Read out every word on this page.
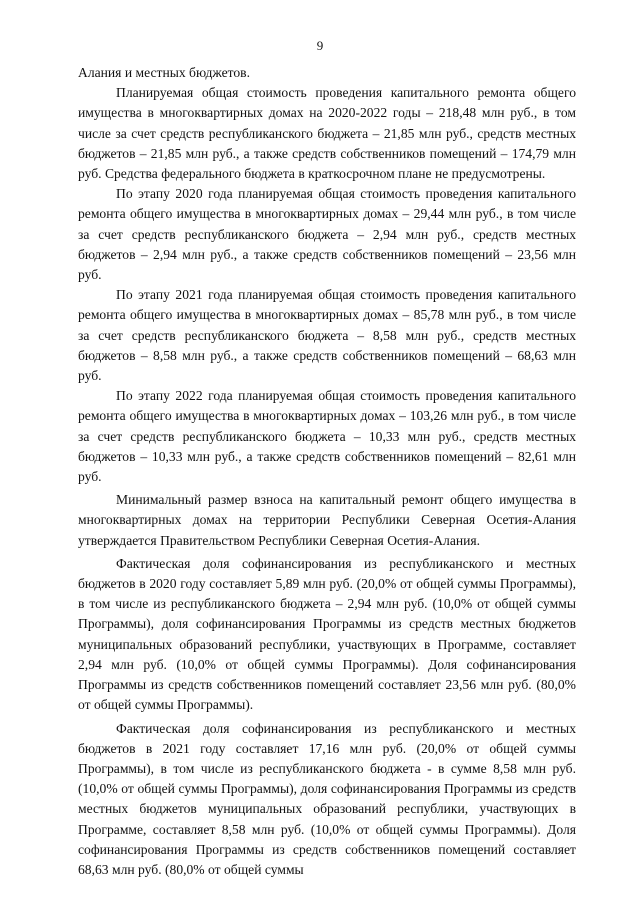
9

Алания и местных бюджетов.

Планируемая общая стоимость проведения капитального ремонта общего имущества в многоквартирных домах на 2020-2022 годы – 218,48 млн руб., в том числе за счет средств республиканского бюджета – 21,85 млн руб., средств местных бюджетов – 21,85 млн руб., а также средств собственников помещений – 174,79 млн руб. Средства федерального бюджета в краткосрочном плане не предусмотрены.

По этапу 2020 года планируемая общая стоимость проведения капитального ремонта общего имущества в многоквартирных домах – 29,44 млн руб., в том числе за счет средств республиканского бюджета – 2,94 млн руб., средств местных бюджетов – 2,94 млн руб., а также средств собственников помещений – 23,56 млн руб.

По этапу 2021 года планируемая общая стоимость проведения капитального ремонта общего имущества в многоквартирных домах – 85,78 млн руб., в том числе за счет средств республиканского бюджета – 8,58 млн руб., средств местных бюджетов – 8,58 млн руб., а также средств собственников помещений – 68,63 млн руб.

По этапу 2022 года планируемая общая стоимость проведения капитального ремонта общего имущества в многоквартирных домах – 103,26 млн руб., в том числе за счет средств республиканского бюджета – 10,33 млн руб., средств местных бюджетов – 10,33 млн руб., а также средств собственников помещений – 82,61 млн руб.

Минимальный размер взноса на капитальный ремонт общего имущества в многоквартирных домах на территории Республики Северная Осетия-Алания утверждается Правительством Республики Северная Осетия-Алания.

Фактическая доля софинансирования из республиканского и местных бюджетов в 2020 году составляет 5,89 млн руб. (20,0% от общей суммы Программы), в том числе из республиканского бюджета – 2,94 млн руб. (10,0% от общей суммы Программы), доля софинансирования Программы из средств местных бюджетов муниципальных образований республики, участвующих в Программе, составляет 2,94 млн руб. (10,0% от общей суммы Программы). Доля софинансирования Программы из средств собственников помещений составляет 23,56 млн руб. (80,0% от общей суммы Программы).

Фактическая доля софинансирования из республиканского и местных бюджетов в 2021 году составляет 17,16 млн руб. (20,0% от общей суммы Программы), в том числе из республиканского бюджета - в сумме 8,58 млн руб. (10,0% от общей суммы Программы), доля софинансирования Программы из средств местных бюджетов муниципальных образований республики, участвующих в Программе, составляет 8,58 млн руб. (10,0% от общей суммы Программы). Доля софинансирования Программы из средств собственников помещений составляет 68,63 млн руб. (80,0% от общей суммы
